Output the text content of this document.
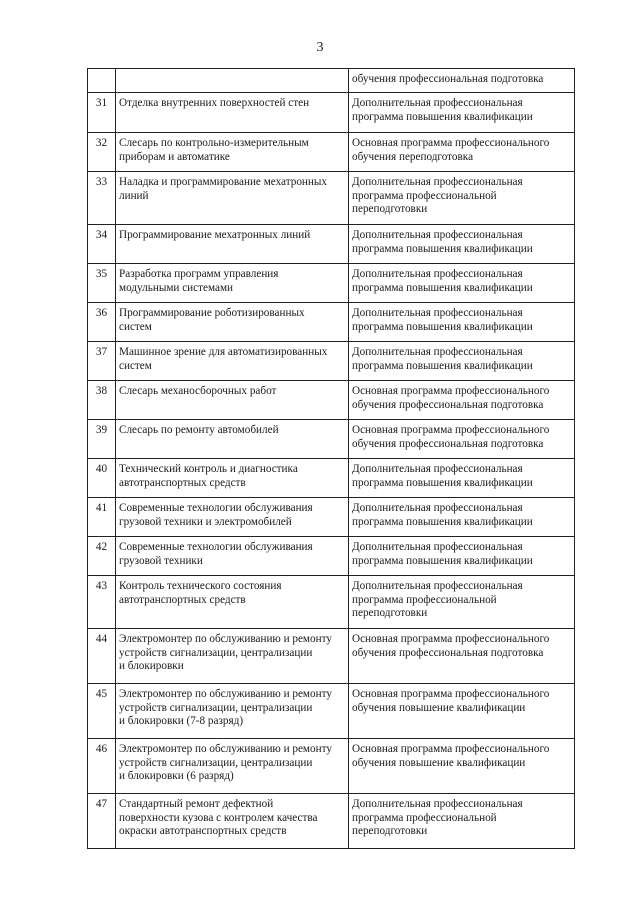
3

		обучения профессиональная подготовка

31	Отделка внутренних поверхностей стен	Дополнительная профессиональная
программа повышения квалификации

32	Слесарь по контрольно-измерительным
приборам и автоматике	Основная программа профессионального
обучения переподготовка

33	Наладка и программирование мехатронных
линий	Дополнительная профессиональная
программа профессиональной
переподготовки

34	Программирование мехатронных линий	Дополнительная профессиональная
программа повышения квалификации

35	Разработка программ управления
модульными системами	Дополнительная профессиональная
программа повышения квалификации

36	Программирование роботизированных
систем	Дополнительная профессиональная
программа повышения квалификации

37	Машинное зрение для автоматизированных
систем	Дополнительная профессиональная
программа повышения квалификации

38	Слесарь механосборочных работ	Основная программа профессионального
обучения профессиональная подготовка

39	Слесарь по ремонту автомобилей	Основная программа профессионального
обучения профессиональная подготовка

40	Технический контроль и диагностика
автотранспортных средств	Дополнительная профессиональная
программа повышения квалификации

41	Современные технологии обслуживания
грузовой техники и электромобилей	Дополнительная профессиональная
программа повышения квалификации

42	Современные технологии обслуживания
грузовой техники	Дополнительная профессиональная
программа повышения квалификации

43	Контроль технического состояния
автотранспортных средств	Дополнительная профессиональная
программа профессиональной
переподготовки

44	Электромонтер по обслуживанию и ремонту
устройств сигнализации, централизации
и блокировки	Основная программа профессионального
обучения профессиональная подготовка

45	Электромонтер по обслуживанию и ремонту
устройств сигнализации, централизации
и блокировки (7-8 разряд)	Основная программа профессионального
обучения повышение квалификации

46	Электромонтер по обслуживанию и ремонту
устройств сигнализации, централизации
и блокировки (6 разряд)	Основная программа профессионального
обучения повышение квалификации

47	Стандартный ремонт дефектной
поверхности кузова с контролем качества
окраски автотранспортных средств	Дополнительная профессиональная
программа профессиональной
переподготовки
